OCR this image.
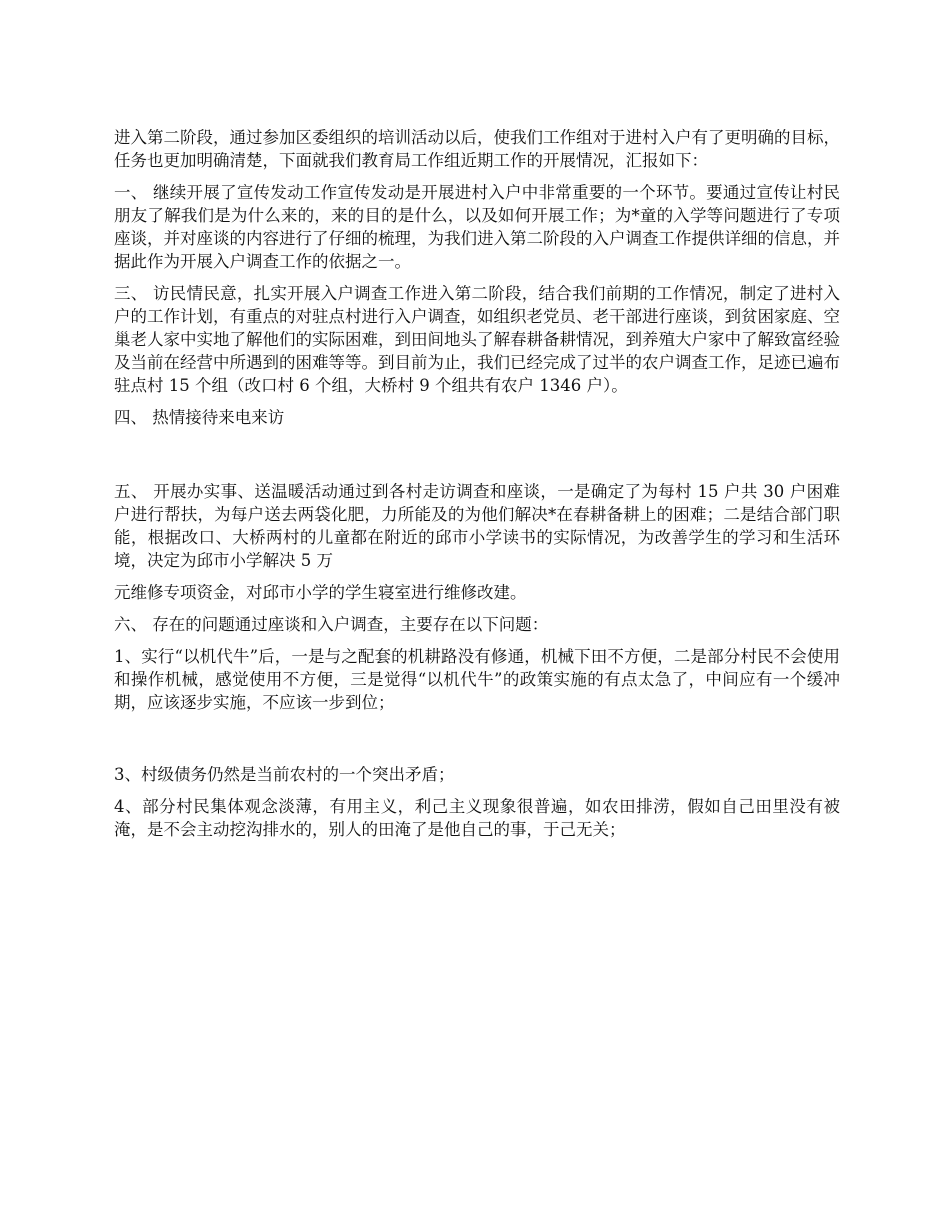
进入第二阶段，通过参加区委组织的培训活动以后，使我们工作组对于进村入户有了更明确的目标，任务也更加明确清楚，下面就我们教育局工作组近期工作的开展情况，汇报如下：

一、 继续开展了宣传发动工作宣传发动是开展进村入户中非常重要的一个环节。要通过宣传让村民朋友了解我们是为什么来的，来的目的是什么，以及如何开展工作；为*童的入学等问题进行了专项座谈，并对座谈的内容进行了仔细的梳理，为我们进入第二阶段的入户调查工作提供详细的信息，并据此作为开展入户调查工作的依据之一。

三、 访民情民意，扎实开展入户调查工作进入第二阶段，结合我们前期的工作情况，制定了进村入户的工作计划，有重点的对驻点村进行入户调查，如组织老党员、老干部进行座谈，到贫困家庭、空巢老人家中实地了解他们的实际困难，到田间地头了解春耕备耕情况，到养殖大户家中了解致富经验及当前在经营中所遇到的困难等等。到目前为止，我们已经完成了过半的农户调查工作，足迹已遍布驻点村 15 个组（改口村 6 个组，大桥村 9 个组共有农户 1346 户）。

四、 热情接待来电来访

五、 开展办实事、送温暖活动通过到各村走访调查和座谈，一是确定了为每村 15 户共 30 户困难户进行帮扶，为每户送去两袋化肥，力所能及的为他们解决*在春耕备耕上的困难；二是结合部门职能，根据改口、大桥两村的儿童都在附近的邱市小学读书的实际情况，为改善学生的学习和生活环境，决定为邱市小学解决 5 万

元维修专项资金，对邱市小学的学生寝室进行维修改建。

六、 存在的问题通过座谈和入户调查，主要存在以下问题：

1、实行“以机代牛”后，一是与之配套的机耕路没有修通，机械下田不方便，二是部分村民不会使用和操作机械，感觉使用不方便，三是觉得“以机代牛”的政策实施的有点太急了，中间应有一个缓冲期，应该逐步实施，不应该一步到位；

3、村级债务仍然是当前农村的一个突出矛盾；

4、部分村民集体观念淡薄，有用主义，利己主义现象很普遍，如农田排涝，假如自己田里没有被淹，是不会主动挖沟排水的，别人的田淹了是他自己的事，于己无关；
